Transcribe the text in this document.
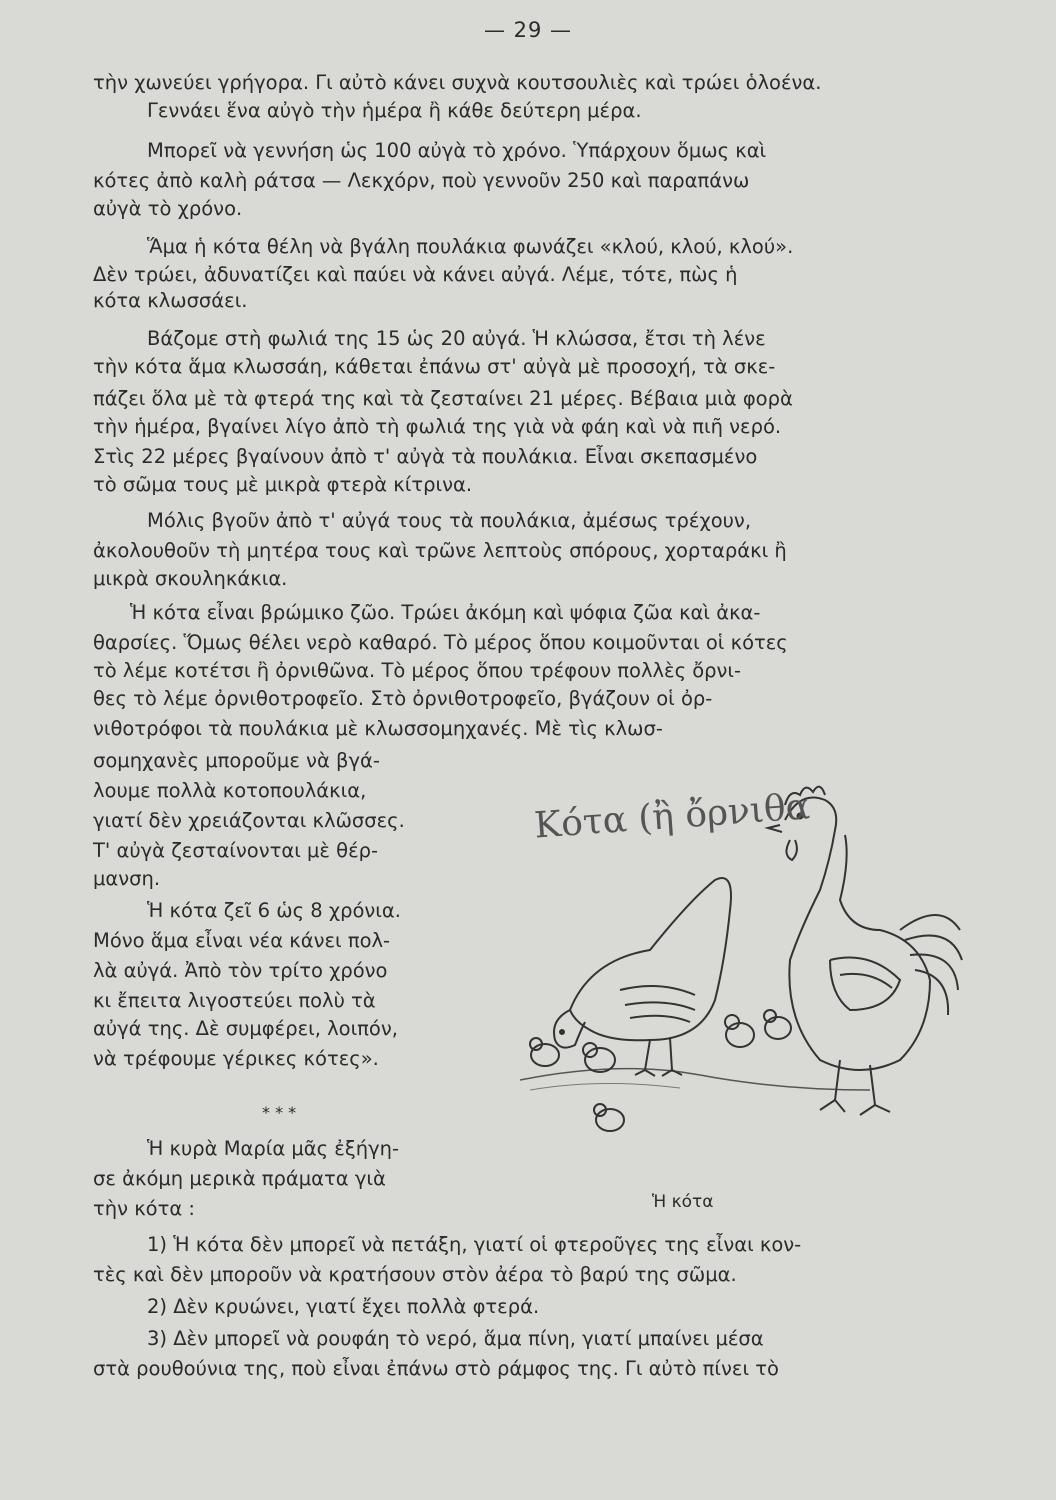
— 29 —
τὴν χωνεύει γρήγορα. Γι αὐτὸ κάνει συχνὰ κουτσουλιὲς καὶ τρώει ὁλοένα.
Γεννάει ἕνα αὐγὸ τὴν ἡμέρα ἢ κάθε δεύτερη μέρα.
Μπορεῖ νὰ γεννήση ὡς 100 αὐγὰ τὸ χρόνο. Ὑπάρχουν ὅμως καὶ
κότες ἀπὸ καλὴ ράτσα — Λεκχόρν, ποὺ γεννοῦν 250 καὶ παραπάνω
αὐγὰ τὸ χρόνο.
Ἅμα ἡ κότα θέλη νὰ βγάλη πουλάκια φωνάζει «κλού, κλού, κλού».
Δὲν τρώει, ἀδυνατίζει καὶ παύει νὰ κάνει αὐγά. Λέμε, τότε, πὼς ἡ
κότα κλωσσάει.
Βάζομε στὴ φωλιά της 15 ὡς 20 αὐγά. Ἡ κλώσσα, ἔτσι τὴ λένε
τὴν κότα ἅμα κλωσσάη, κάθεται ἐπάνω στ' αὐγὰ μὲ προσοχή, τὰ σκε-
πάζει ὅλα μὲ τὰ φτερά της καὶ τὰ ζεσταίνει 21 μέρες. Βέβαια μιὰ φορὰ
τὴν ἡμέρα, βγαίνει λίγο ἀπὸ τὴ φωλιά της γιὰ νὰ φάη καὶ νὰ πιῆ νερό.
Στὶς 22 μέρες βγαίνουν ἀπὸ τ' αὐγὰ τὰ πουλάκια. Εἶναι σκεπασμένο
τὸ σῶμα τους μὲ μικρὰ φτερὰ κίτρινα.
Μόλις βγοῦν ἀπὸ τ' αὐγά τους τὰ πουλάκια, ἀμέσως τρέχουν,
ἀκολουθοῦν τὴ μητέρα τους καὶ τρῶνε λεπτοὺς σπόρους, χορταράκι ἢ
μικρὰ σκουληκάκια.
Ἡ κότα εἶναι βρώμικο ζῶο. Τρώει ἀκόμη καὶ ψόφια ζῶα καὶ ἀκα-
θαρσίες. Ὅμως θέλει νερὸ καθαρό. Τὸ μέρος ὅπου κοιμοῦνται οἱ κότες
τὸ λέμε κοτέτσι ἢ ὀρνιθῶνα. Τὸ μέρος ὅπου τρέφουν πολλὲς ὄρνι-
θες τὸ λέμε ὀρνιθοτροφεῖο. Στὸ ὀρνιθοτροφεῖο, βγάζουν οἱ ὀρ-
νιθοτρόφοι τὰ πουλάκια μὲ κλωσσομηχανές. Μὲ τὶς κλωσ-
σομηχανὲς μποροῦμε νὰ βγά-
λουμε πολλὰ κοτοπουλάκια,
γιατί δὲν χρειάζονται κλῶσσες.
Τ' αὐγὰ ζεσταίνονται μὲ θέρ-
μανση.
Ἡ κότα ζεῖ 6 ὡς 8 χρόνια.
Μόνο ἅμα εἶναι νέα κάνει πολ-
λὰ αὐγά. Ἀπὸ τὸν τρίτο χρόνο
κι ἔπειτα λιγοστεύει πολὺ τὰ
αὐγά της. Δὲ συμφέρει, λοιπόν,
νὰ τρέφουμε γέρικες κότες».
* * *
Ἡ κυρὰ Μαρία μᾶς ἐξήγη-
σε ἀκόμη μερικὰ πράματα γιὰ
τὴν κότα :
1) Ἡ κότα δὲν μπορεῖ νὰ πετάξη, γιατί οἱ φτεροῦγες της εἶναι κον-
τὲς καὶ δὲν μποροῦν νὰ κρατήσουν στὸν ἀέρα τὸ βαρύ της σῶμα.
2) Δὲν κρυώνει, γιατί ἔχει πολλὰ φτερά.
3) Δὲν μπορεῖ νὰ ρουφάη τὸ νερό, ἅμα πίνη, γιατί μπαίνει μέσα
στὰ ρουθούνια της, ποὺ εἶναι ἐπάνω στὸ ράμφος της. Γι αὐτὸ πίνει τὸ
Κότα (ἢ ὄρνιθα
Ἡ κότα
